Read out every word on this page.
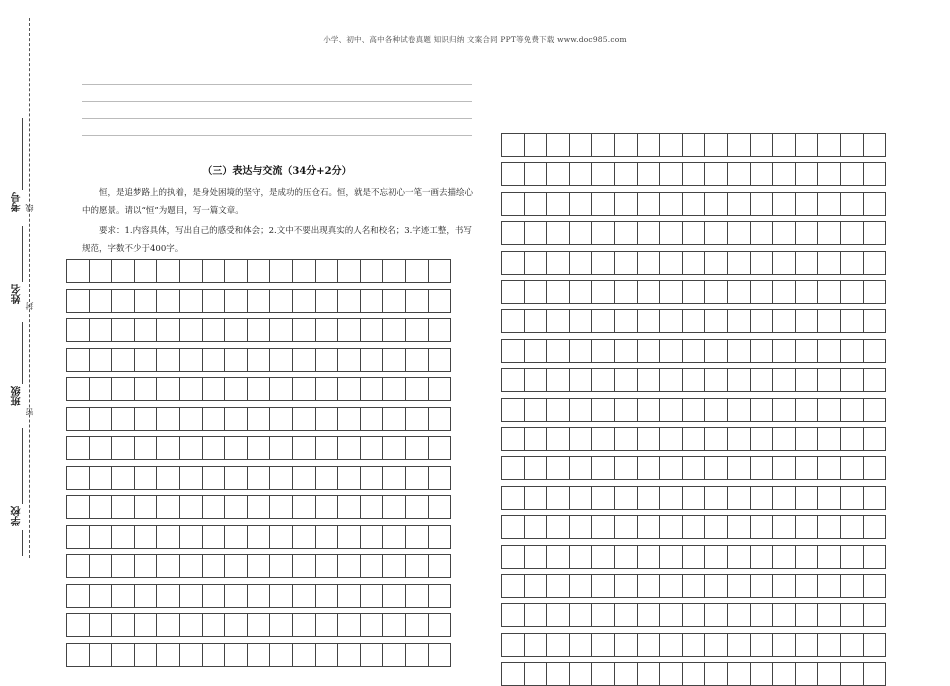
小学、初中、高中各种试卷真题 知识归纳 文案合同 PPT等免费下载 www.doc985.com
考号 线
姓名
封
班级
密
学校
（三）表达与交流（34分+2分）

恒，是追梦路上的执着，是身处困境的坚守，是成功的压仓石。恒，就是不忘初心一笔一画去描绘心中的愿景。请以“恒”为题目，写一篇文章。

要求：1.内容具体，写出自己的感受和体会；2.文中不要出现真实的人名和校名；3.字迹工整，书写规范，字数不少于400字。
